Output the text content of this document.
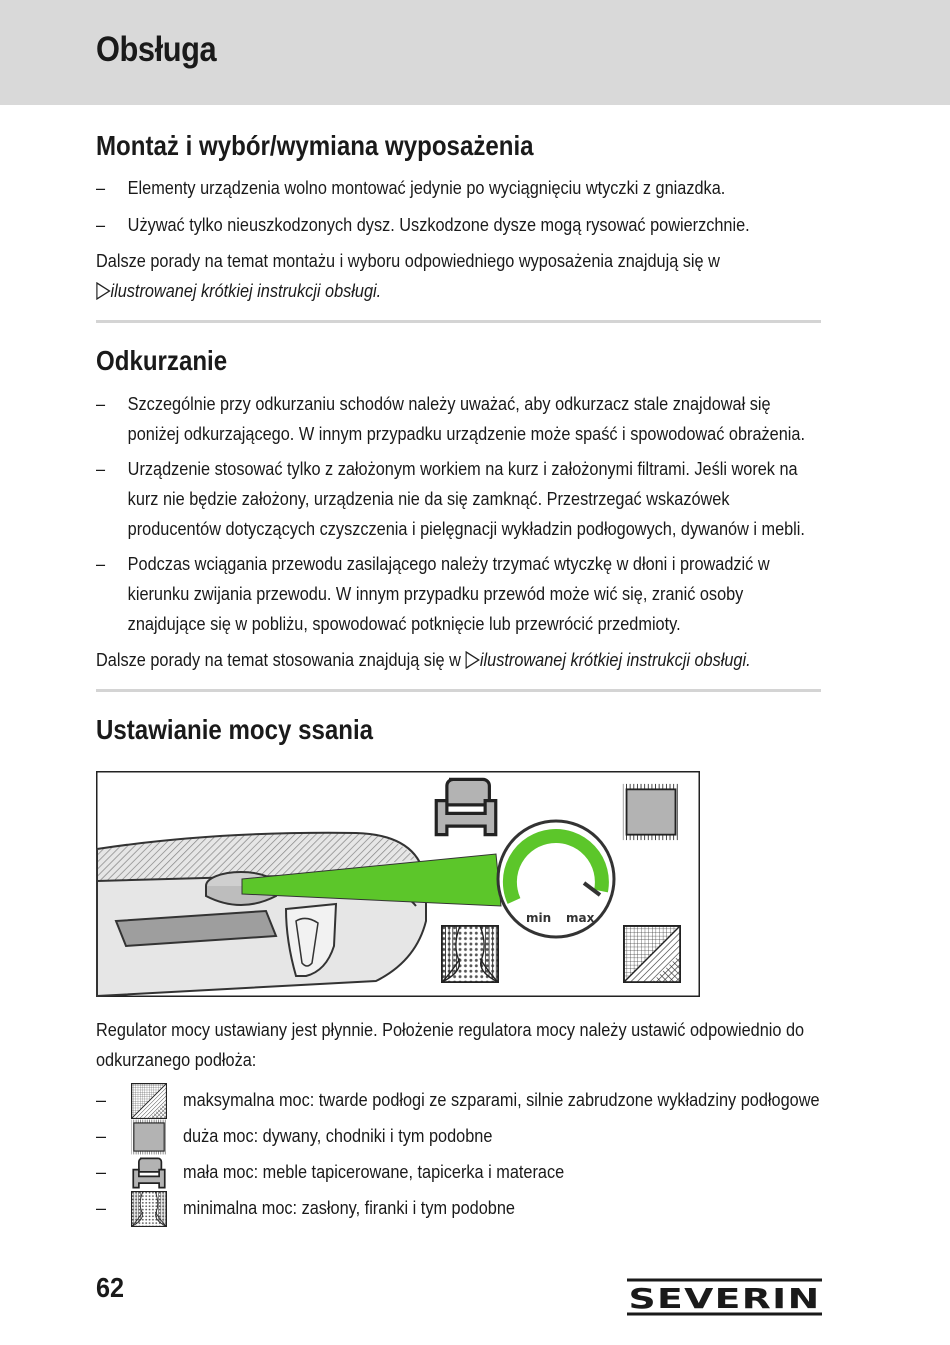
Obsługa
Montaż i wybór/wymiana wyposażenia
– Elementy urządzenia wolno montować jedynie po wyciągnięciu wtyczki z gniazdka.
– Używać tylko nieuszkodzonych dysz. Uszkodzone dysze mogą rysować powierzchnie.
Dalsze porady na temat montażu i wyboru odpowiedniego wyposażenia znajdują się w
ilustrowanej krótkiej instrukcji obsługi.
Odkurzanie
– Szczególnie przy odkurzaniu schodów należy uważać, aby odkurzacz stale znajdował się poniżej odkurzającego. W innym przypadku urządzenie może spaść i spowodować obrażenia.
– Urządzenie stosować tylko z założonym workiem na kurz i założonymi filtrami. Jeśli worek na kurz nie będzie założony, urządzenia nie da się zamknąć. Przestrzegać wskazówek producentów dotyczących czyszczenia i pielęgnacji wykładzin podłogowych, dywanów i mebli.
– Podczas wciągania przewodu zasilającego należy trzymać wtyczkę w dłoni i prowadzić w kierunku zwijania przewodu. W innym przypadku przewód może wić się, zranić osoby znajdujące się w pobliżu, spowodować potknięcie lub przewrócić przedmioty.
Dalsze porady na temat stosowania znajdują się w ilustrowanej krótkiej instrukcji obsługi.
Ustawianie mocy ssania
min max
Regulator mocy ustawiany jest płynnie. Położenie regulatora mocy należy ustawić odpowiednio do odkurzanego podłoża:
–	maksymalna moc: twarde podłogi ze szparami, silnie zabrudzone wykładziny podłogowe
–	duża moc: dywany, chodniki i tym podobne
–	mała moc: meble tapicerowane, tapicerka i materace
–	minimalna moc: zasłony, firanki i tym podobne
62	SEVERIN
